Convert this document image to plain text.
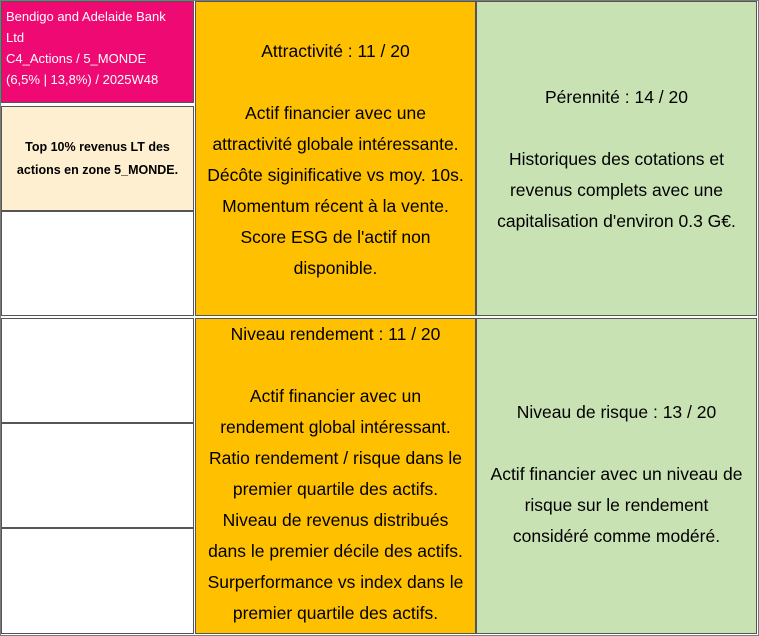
Bendigo and Adelaide Bank
Ltd
C4_Actions / 5_MONDE
(6,5% | 13,8%) / 2025W48
Top 10% revenus LT des
actions en zone 5_MONDE.
Attractivité : 11 / 20
Actif financier avec une
attractivité globale intéressante.
Décôte siginificative vs moy. 10s.
Momentum récent à la vente.
Score ESG de l'actif non
disponible.
Pérennité : 14 / 20
Historiques des cotations et
revenus complets avec une
capitalisation d'environ 0.3 G€.
Niveau rendement : 11 / 20
Actif financier avec un
rendement global intéressant.
Ratio rendement / risque dans le
premier quartile des actifs.
Niveau de revenus distribués
dans le premier décile des actifs.
Surperformance vs index dans le
premier quartile des actifs.
Niveau de risque : 13 / 20
Actif financier avec un niveau de
risque sur le rendement
considéré comme modéré.
